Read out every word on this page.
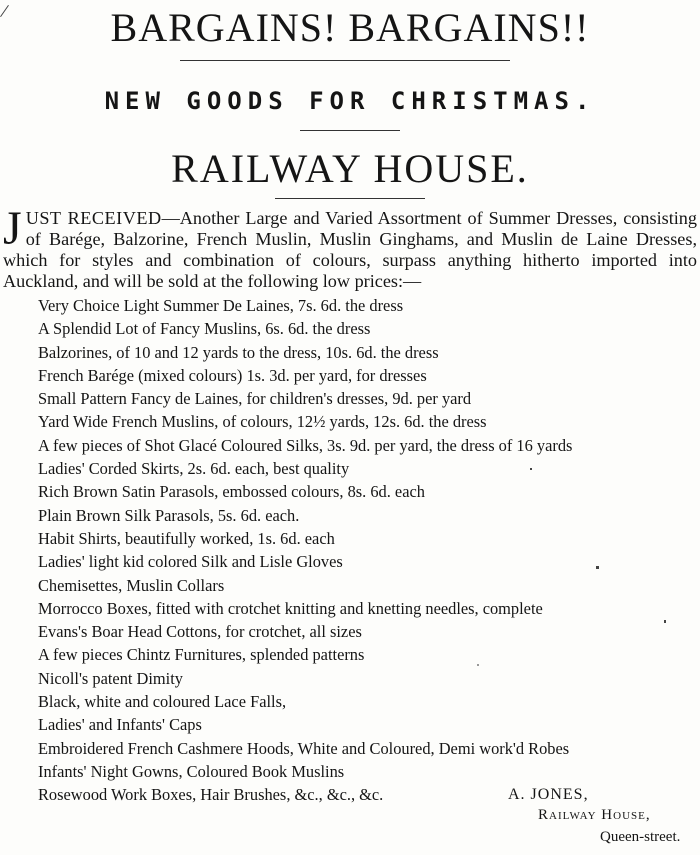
BARGAINS! BARGAINS!!
NEW GOODS FOR CHRISTMAS.
RAILWAY HOUSE.

JUST RECEIVED—Another Large and Varied Assortment of Summer Dresses, consisting of Barége, Balzorine, French Muslin, Muslin Ginghams, and Muslin de Laine Dresses, which for styles and combination of colours, surpass anything hitherto imported into Auckland, and will be sold at the following low prices:—

Very Choice Light Summer De Laines, 7s. 6d. the dress
A Splendid Lot of Fancy Muslins, 6s. 6d. the dress
Balzorines, of 10 and 12 yards to the dress, 10s. 6d. the dress
French Barége (mixed colours) 1s. 3d. per yard, for dresses
Small Pattern Fancy de Laines, for children's dresses, 9d. per yard
Yard Wide French Muslins, of colours, 12½ yards, 12s. 6d. the dress
A few pieces of Shot Glacé Coloured Silks, 3s. 9d. per yard, the dress of 16 yards
Ladies' Corded Skirts, 2s. 6d. each, best quality
Rich Brown Satin Parasols, embossed colours, 8s. 6d. each
Plain Brown Silk Parasols, 5s. 6d. each.
Habit Shirts, beautifully worked, 1s. 6d. each
Ladies' light kid colored Silk and Lisle Gloves
Chemisettes, Muslin Collars
Morrocco Boxes, fitted with crotchet knitting and knetting needles, complete
Evans's Boar Head Cottons, for crotchet, all sizes
A few pieces Chintz Furnitures, splended patterns
Nicoll's patent Dimity
Black, white and coloured Lace Falls,
Ladies' and Infants' Caps
Embroidered French Cashmere Hoods, White and Coloured, Demi work'd Robes
Infants' Night Gowns, Coloured Book Muslins
Rosewood Work Boxes, Hair Brushes, &c., &c., &c.	A. JONES,
Railway House,
Queen-street.
